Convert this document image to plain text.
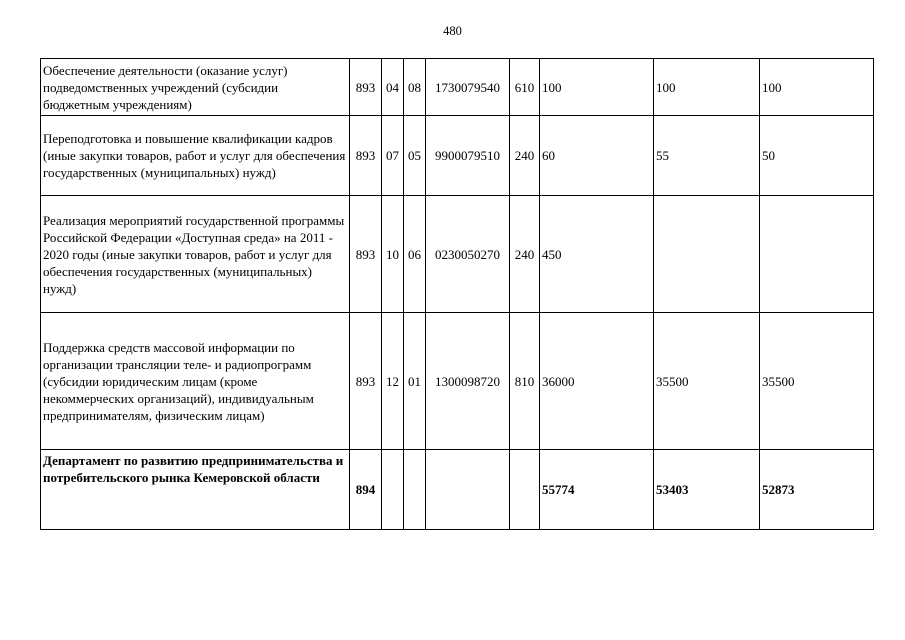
480
Обеспечение деятельности (оказание услуг) подведомственных учреждений (субсидии бюджетным учреждениям)	893	04	08	1730079540	610	100	100	100
Переподготовка и повышение квалификации кадров (иные закупки товаров, работ и услуг для обеспечения государственных (муниципальных) нужд)	893	07	05	9900079510	240	60	55	50
Реализация мероприятий государственной программы Российской Федерации «Доступная среда» на 2011 - 2020 годы (иные закупки товаров, работ и услуг для обеспечения государственных (муниципальных) нужд)	893	10	06	0230050270	240	450		
Поддержка средств массовой информации по организации трансляции теле- и радиопрограмм (субсидии юридическим лицам (кроме некоммерческих организаций), индивидуальным предпринимателям, физическим лицам)	893	12	01	1300098720	810	36000	35500	35500
Департамент по развитию предпринимательства и потребительского рынка Кемеровской области	894					55774	53403	52873
